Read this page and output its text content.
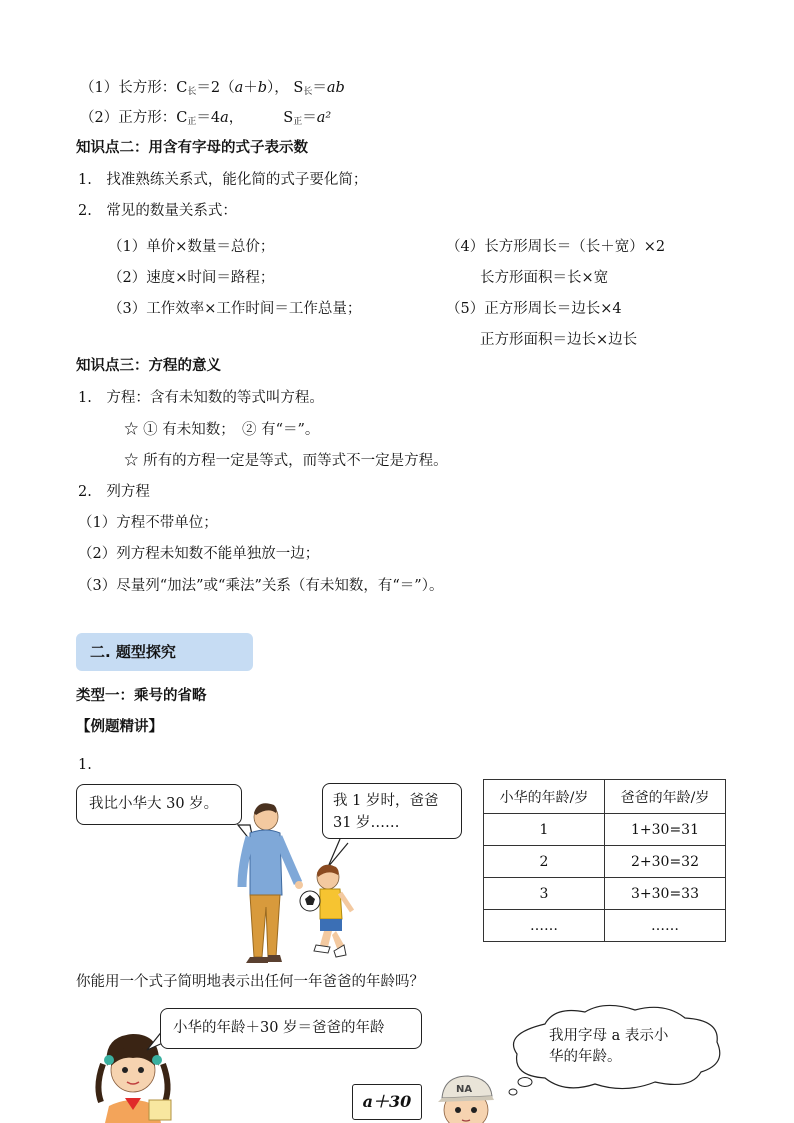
（1）长方形：$C_长=2(a+b)$， $S_长=ab$
（2）正方形：$C_正=4a$，	$S_正=a^2$
知识点二：用含有字母的式子表示数
1.　找准熟练关系式，能化简的式子要化简；
2.　常见的数量关系式：
（1）单价×数量＝总价；
（2）速度×时间＝路程；
（3）工作效率×工作时间＝工作总量；
（4）长方形周长＝（长＋宽）×2
长方形面积＝长×宽
（5）正方形周长＝边长×4
正方形面积＝边长×边长
知识点三：方程的意义
1.　方程：含有未知数的等式叫方程。
☆ ① 有未知数；　② 有“＝”。
☆ 所有的方程一定是等式，而等式不一定是方程。
2.　列方程
（1）方程不带单位；
（2）列方程未知数不能单独放一边；
（3）尽量列“加法”或“乘法”关系（有未知数，有“＝”）。
二. 题型探究
类型一：乘号的省略
【例题精讲】
1.
我比小华大 30 岁。	我 1 岁时，爸爸 31 岁……
小华的年龄/岁	爸爸的年龄/岁
1	1+30=31
2	2+30=32
3	3+30=33
……	……
你能用一个式子简明地表示出任何一年爸爸的年龄吗？
小华的年龄＋30 岁＝爸爸的年龄	我用字母 a 表示小华的年龄。
a＋30
NA
